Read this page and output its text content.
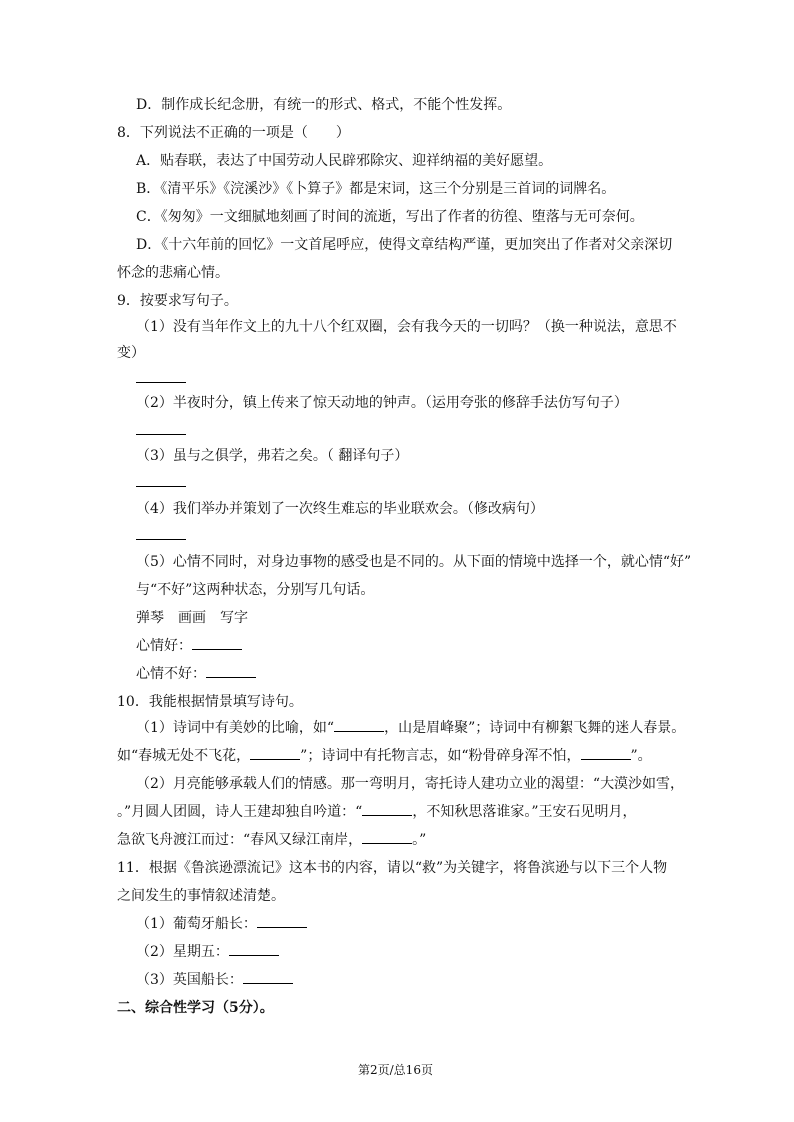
D．制作成长纪念册，有统一的形式、格式，不能个性发挥。
8．下列说法不正确的一项是（　　）
A．贴春联，表达了中国劳动人民辟邪除灾、迎祥纳福的美好愿望。
B．《清平乐》《浣溪沙》《卜算子》都是宋词，这三个分别是三首词的词牌名。
C．《匆匆》一文细腻地刻画了时间的流逝，写出了作者的彷徨、堕落与无可奈何。
D．《十六年前的回忆》一文首尾呼应，使得文章结构严谨，更加突出了作者对父亲深切
怀念的悲痛心情。
9．按要求写句子。
（1）没有当年作文上的九十八个红双圈，会有我今天的一切吗？（换一种说法，意思不
变）
（2）半夜时分，镇上传来了惊天动地的钟声。（运用夸张的修辞手法仿写句子）
（3）虽与之俱学，弗若之矣。（ 翻译句子）
（4）我们举办并策划了一次终生难忘的毕业联欢会。（修改病句）
（5）心情不同时，对身边事物的感受也是不同的。从下面的情境中选择一个，就心情“好”
与“不好”这两种状态，分别写几句话。
弹琴　画画　写字
心情好：
心情不好：
10．我能根据情景填写诗句。
（1）诗词中有美妙的比喻，如“	，山是眉峰聚”；诗词中有柳絮飞舞的迷人春景。
如“春城无处不飞花，	”；诗词中有托物言志，如“粉骨碎身浑不怕，	”。
（2）月亮能够承载人们的情感。那一弯明月，寄托诗人建功立业的渴望：“大漠沙如雪，
。”月圆人团圆，诗人王建却独自吟道：“	，不知秋思落谁家。”王安石见明月，
急欲飞舟渡江而过：“春风又绿江南岸，	。”
11．根据《鲁滨逊漂流记》这本书的内容，请以“救”为关键字，将鲁滨逊与以下三个人物
之间发生的事情叙述清楚。
（1）葡萄牙船长：
（2）星期五：
（3）英国船长：
二、综合性学习（5分）。
第2页/总16页
